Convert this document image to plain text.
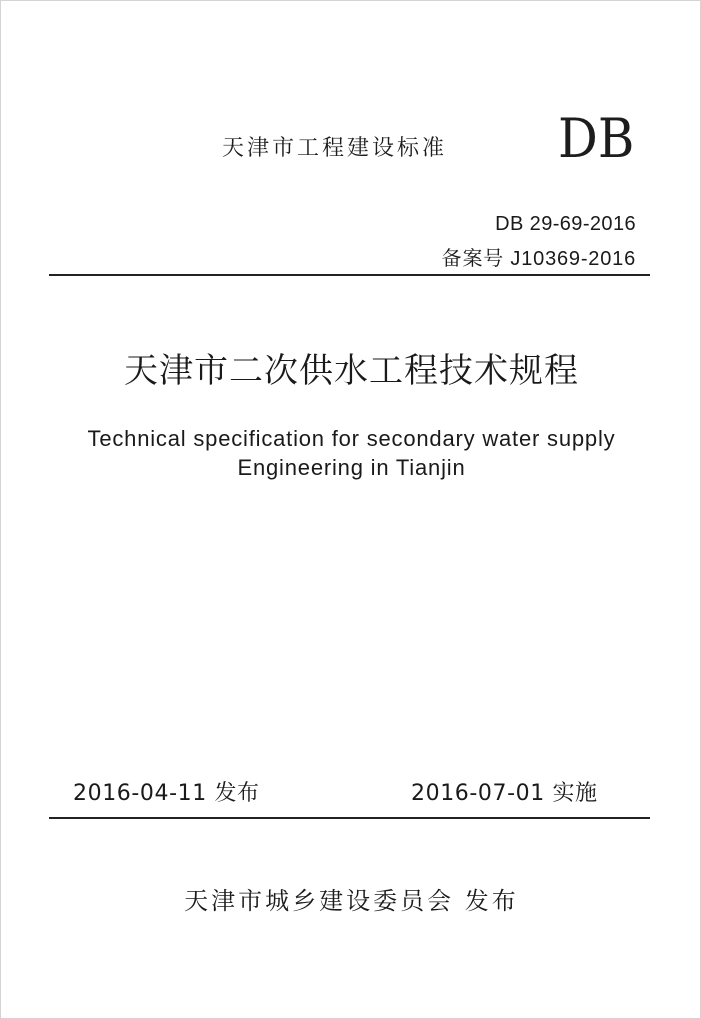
天津市工程建设标准 DB
DB 29-69-2016
备案号 J10369-2016
天津市二次供水工程技术规程
Technical specification for secondary water supply
Engineering in Tianjin
2016-04-11 发布	2016-07-01 实施
天津市城乡建设委员会 发布
